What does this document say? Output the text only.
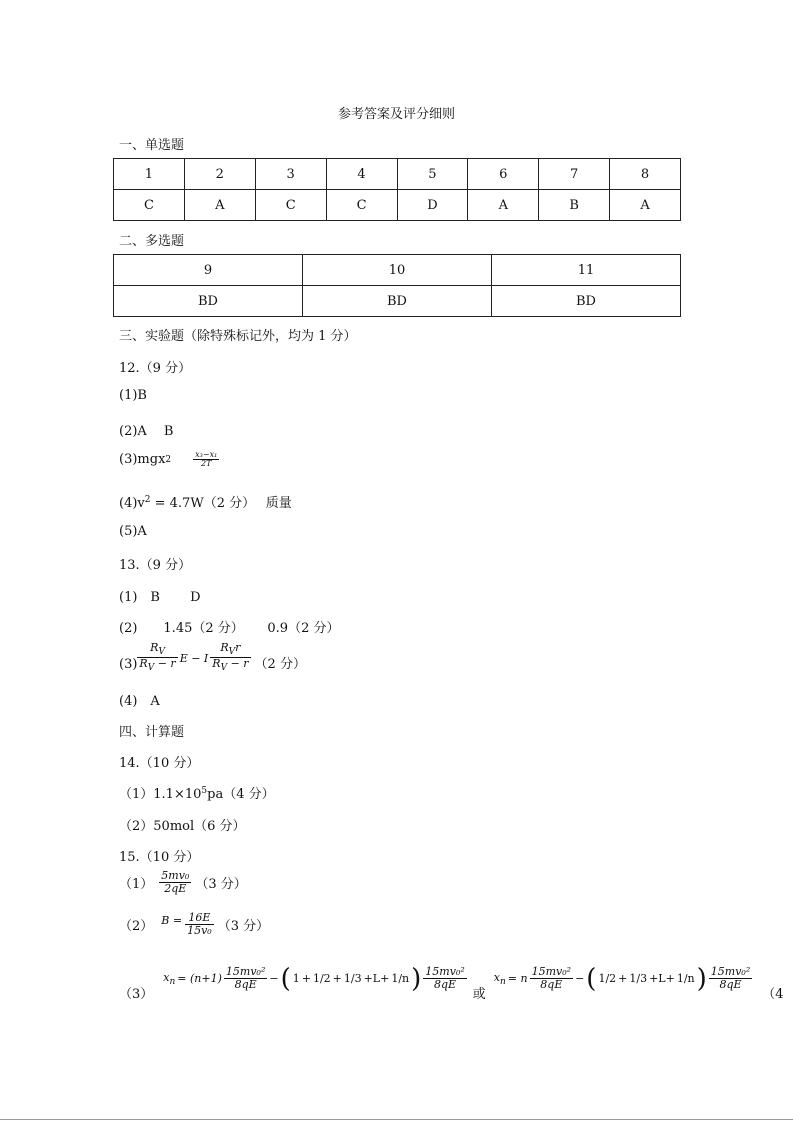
参考答案及评分细则
一、单选题
1	2	3	4	5	6	7	8
C	A	C	C	D	A	B	A
二、多选题
9	10	11
BD	BD	BD
三、实验题（除特殊标记外，均为 1 分）
12.（9 分）
(1)B
(2)A　 B
(3)mgx 2	$\frac{\text{x₃−x₁}}{2T}$
$(4)v^2 = 4.7W(2$ 分）　 质量
(5)A
13.（9 分）
(1)　B　　 D
(2)　　1.45（2 分）　　 0.9（2 分）
$(3) \frac{R_V}{R_V - r}$ E − I $\frac{R_Vr}{R_V - r} (2$ 分）
(4)　A
四、计算题
14.（10 分）
$(1)1.1\times 10^5pa(4$ 分）
（2）50mol（6 分）
15.（10 分）
$(1) \frac{\text{5mv₀}}{2qE} (3$ 分）
（2） $B = \frac{16E}{\text{15v₀}} (3$ 分）
（3）
$x_n = (n+1) \frac{\text{15mv₀²}}{8qE}$ − ( 1 + 1/2 + 1/3 +L+ 1/n ) $\frac{\text{15mv₀²}}{8qE}$
或
$x_n = n \frac{\text{15mv₀²}}{8qE}$ − ( 1/2 + 1/3 +L+ 1/n ) $\frac{\text{15mv₀²}}{8qE}$
（4
